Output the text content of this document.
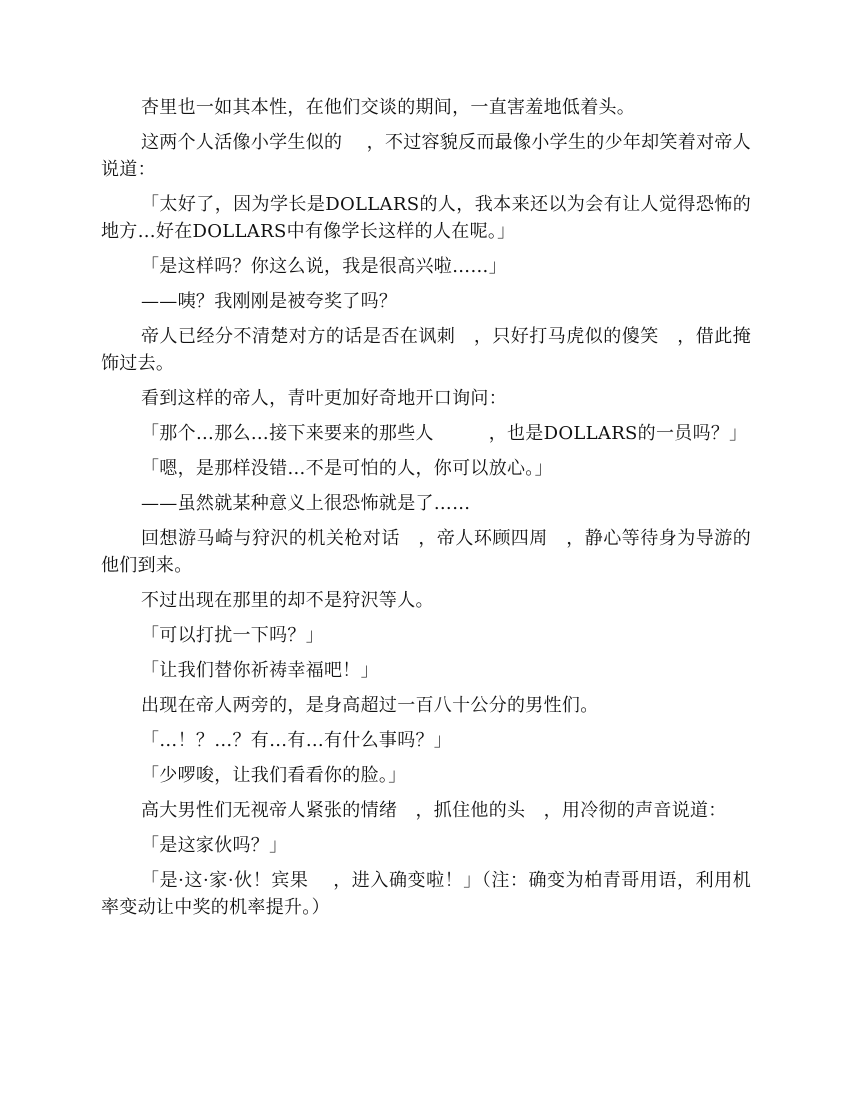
杏里也一如其本性，在他们交谈的期间，一直害羞地低着头。

这两个人活像小学生似的　 ，不过容貌反而最像小学生的少年却笑着对帝人说道：

「太好了，因为学长是DOLLARS的人，我本来还以为会有让人觉得恐怖的地方…好在DOLLARS中有像学长这样的人在呢。」

「是这样吗？你这么说，我是很高兴啦……」

——咦？我刚刚是被夸奖了吗？

帝人已经分不清楚对方的话是否在讽刺　，只好打马虎似的傻笑　，借此掩饰过去。

看到这样的帝人，青叶更加好奇地开口询问：

「那个…那么…接下来要来的那些人　　　，也是DOLLARS的一员吗？」

「嗯，是那样没错…不是可怕的人，你可以放心。」

——虽然就某种意义上很恐怖就是了……

回想游马崎与狩沢的机关枪对话　，帝人环顾四周　，静心等待身为导游的他们到来。

不过出现在那里的却不是狩沢等人。

「可以打扰一下吗？」

「让我们替你祈祷幸福吧！」

出现在帝人两旁的，是身高超过一百八十公分的男性们。

「…！？…？有…有…有什么事吗？」

「少啰唆，让我们看看你的脸。」

高大男性们无视帝人紧张的情绪　，抓住他的头　，用冷彻的声音说道：

「是这家伙吗？」

「是·这·家·伙！宾果　 ，进入确变啦！」（注：确变为柏青哥用语，利用机率变动让中奖的机率提升。）
